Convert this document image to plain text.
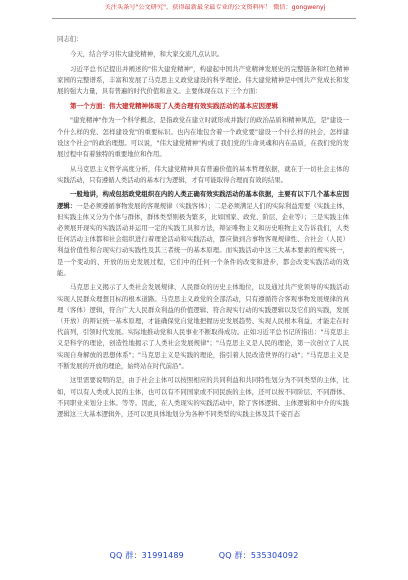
关注头条号"公文研究"，获得最新最全最专业的公文资料库！ 微信：gongwenyj

同志们：

今天，结合学习伟大建党精神，和大家交流几点认识。

习近平总书记提出并阐述的"伟大建党精神"，构建起中国共产党精神发展史的完整链条和红色精神家园的完整谱系，丰富和发展了马克思主义政党建设的科学理论。伟大建党精神是中国共产党成长和发展的强大力量，具有普遍的时代价值和意义。主要体现在以下三个方面：

第一个方面：伟大建党精神体现了人类合理有效实践活动的基本应因逻辑

"建党精神"作为一个科学概念，是指政党在建立时就形成并践行的政治品质和精神风范，是"建设一个什么样的党、怎样建设党"的重要标识。也内在地包含着一个政党要"建设一个什么样的社会，怎样建设这个社会"的政治理想。可以说，"伟大建党精神"构成了我们党的生命灵魂和内在品质，在我们党的发展过程中有着独特的重要地位和作用。

从马克思主义哲学高度分析，伟大建党精神具有普遍价值的基本哲理依据，就在于一切社会主体的实践活动，只有遵循人类活动的基本行为逻辑，才有可能取得合理而有效的结果。

一般地讲，构成包括政党组织在内的人类正确有效实践活动的基本依据，主要有以下几个基本应因逻辑：一是必须遵循事物发展的客观规律（实践客体）；二是必须满足人们的实际利益需要（实践主体，但实践主体又分为个体与群体，群体类型则极为繁多，比如国家、政党、阶层、企业等）；三是实践主体必须展开现实的实践活动并运用一定的实践工具和方法，辩证唯物主义和历史唯物主义告诉我们，人类任何活动主体都和社会组织进行着理论活动和实践活动，都应做到合事物客观规律性、合社会（人民）利益价值性和合现实行动实践性及其三者统一的基本原理。而实践活动中这三大基本要素的规实统一，是一个变动的、开放的历史发展过程，它们中的任何一个条件的改变和进步，都会改变实践活动的效能。

马克思主义揭示了人类社会发展规律、人民群众的历史主体地位，以及通过共产党领导的实践活动实现人民群众理想目标的根本道路。马克思主义政党的全部活动，只有遵循符合客观事物发展规律的真理（客体）逻辑，符合广大人民群众利益的价值逻辑、符合现实行动的实践逻辑以及它们的实践，发展（开放）的辩证统一基本原理，才能确保党自觉地把握历史发展趋势、实现人民根本利益，才能走在时代前列，引领时代发展。实际地推动党和人民事业不断取得成功。正如习近平总书记所指出："马克思主义是科学的理论，创造性地揭示了人类社会发展规律"；"马克思主义是人民的理论，第一次创立了人民实现自身解放的思想体系"；"马克思主义是实践的理论，指引着人民改造世界的行动"；"马克思主义是不断发展的开放的理论，始终站在时代前沿"。

这里需要说明的是，由于社会主体可以按照相应的共同利益和共同特性划分为不同类型的主体，比如，可以有人类或人民的主体，也可以有不同国家或不同民族的主体，还可以按不同阶层、不同群体、不同职业来划分主体。等等。因此，在人类现实的实践活动中，除了客体逻辑、主体逻辑和中介的实践逻辑这三大基本逻辑外，还可以更具体地划分为各种不同类型的实践主体及其千姿百态

QQ 群：31991489	QQ 群：535304092
